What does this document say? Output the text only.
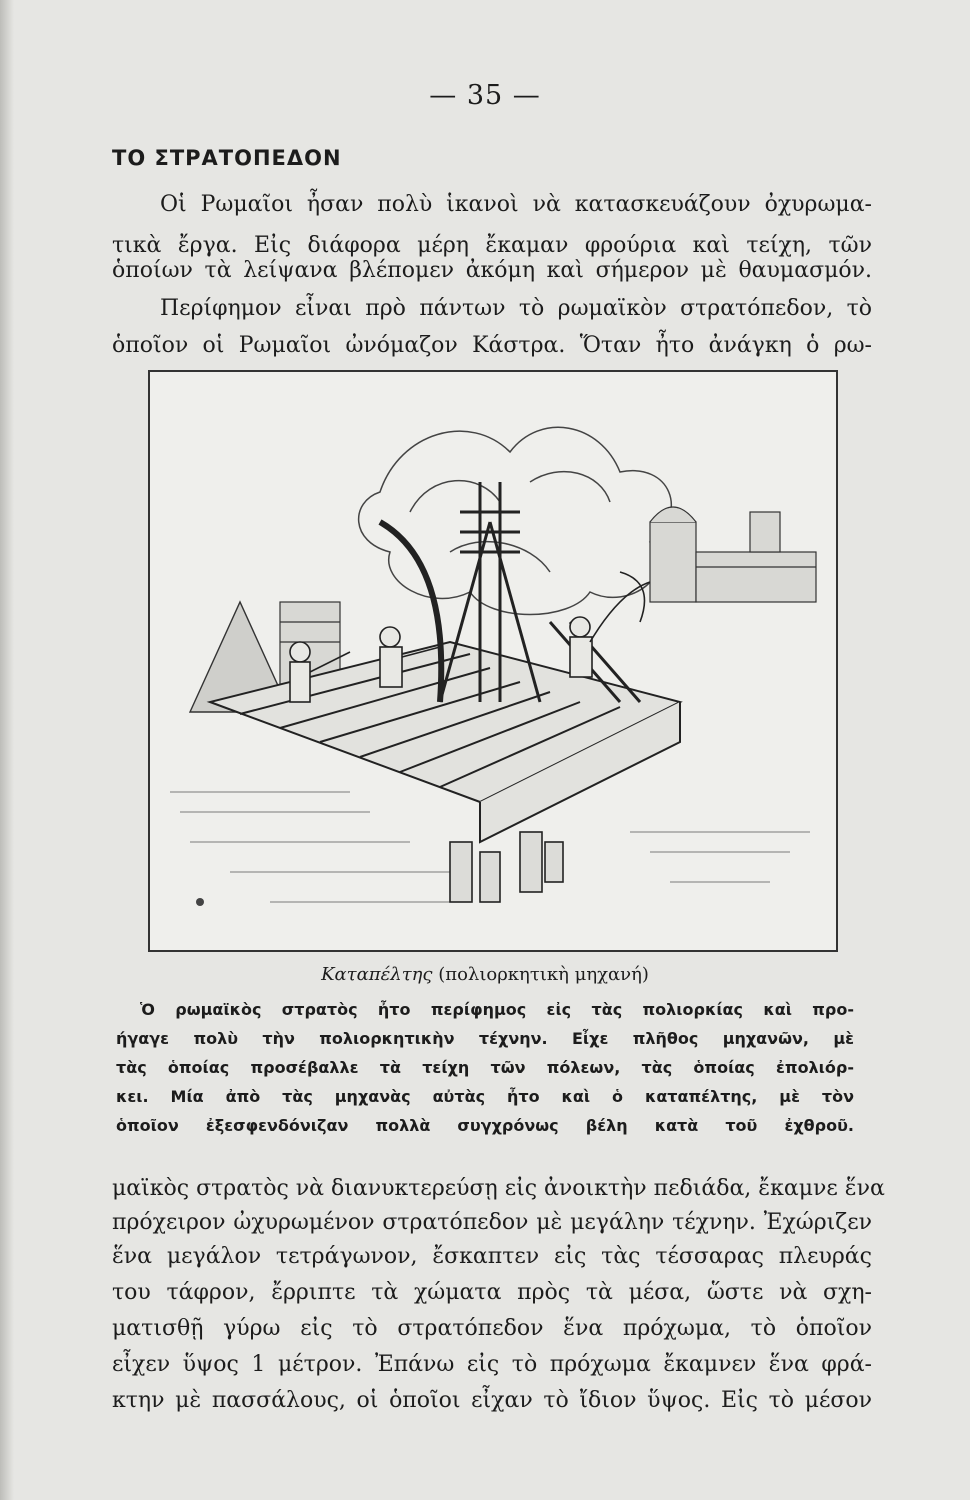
— 35 —
ΤΟ ΣΤΡΑΤΟΠΕΔΟΝ
Οἱ Ρωμαῖοι ἦσαν πολὺ ἱκανοὶ νὰ κατασκευάζουν ὀχυρωμα-
τικὰ ἔργα. Εἰς διάφορα μέρη ἔκαμαν φρούρια καὶ τείχη, τῶν
ὁποίων τὰ λείψανα βλέπομεν ἀκόμη καὶ σήμερον μὲ θαυμασμόν.
Περίφημον εἶναι πρὸ πάντων τὸ ρωμαϊκὸν στρατόπεδον, τὸ
ὁποῖον οἱ Ρωμαῖοι ὠνόμαζον Κάστρα. Ὅταν ἦτο ἀνάγκη ὁ ρω-
Καταπέλτης (πολιορκητικὴ μηχανή)
Ὁ ρωμαϊκὸς στρατὸς ἦτο περίφημος εἰς τὰς πολιορκίας καὶ προ-
ήγαγε πολὺ τὴν πολιορκητικὴν τέχνην. Εἶχε πλῆθος μηχανῶν, μὲ
τὰς ὁποίας προσέβαλλε τὰ τείχη τῶν πόλεων, τὰς ὁποίας ἐπολιόρ-
κει. Μία ἀπὸ τὰς μηχανὰς αὐτὰς ἦτο καὶ ὁ καταπέλτης, μὲ τὸν
ὁποῖον ἐξεσφενδόνιζαν πολλὰ συγχρόνως βέλη κατὰ τοῦ ἐχθροῦ.
μαϊκὸς στρατὸς νὰ διανυκτερεύσῃ εἰς ἀνοικτὴν πεδιάδα, ἔκαμνε ἕνα
πρόχειρον ὠχυρωμένον στρατόπεδον μὲ μεγάλην τέχνην. Ἐχώριζεν
ἕνα μεγάλον τετράγωνον, ἔσκαπτεν εἰς τὰς τέσσαρας πλευράς
του τάφρον, ἔρριπτε τὰ χώματα πρὸς τὰ μέσα, ὥστε νὰ σχη-
ματισθῇ γύρω εἰς τὸ στρατόπεδον ἕνα πρόχωμα, τὸ ὁποῖον
εἶχεν ὕψος 1 μέτρον. Ἐπάνω εἰς τὸ πρόχωμα ἔκαμνεν ἕνα φρά-
κτην μὲ πασσάλους, οἱ ὁποῖοι εἶχαν τὸ ἴδιον ὕψος. Εἰς τὸ μέσον
